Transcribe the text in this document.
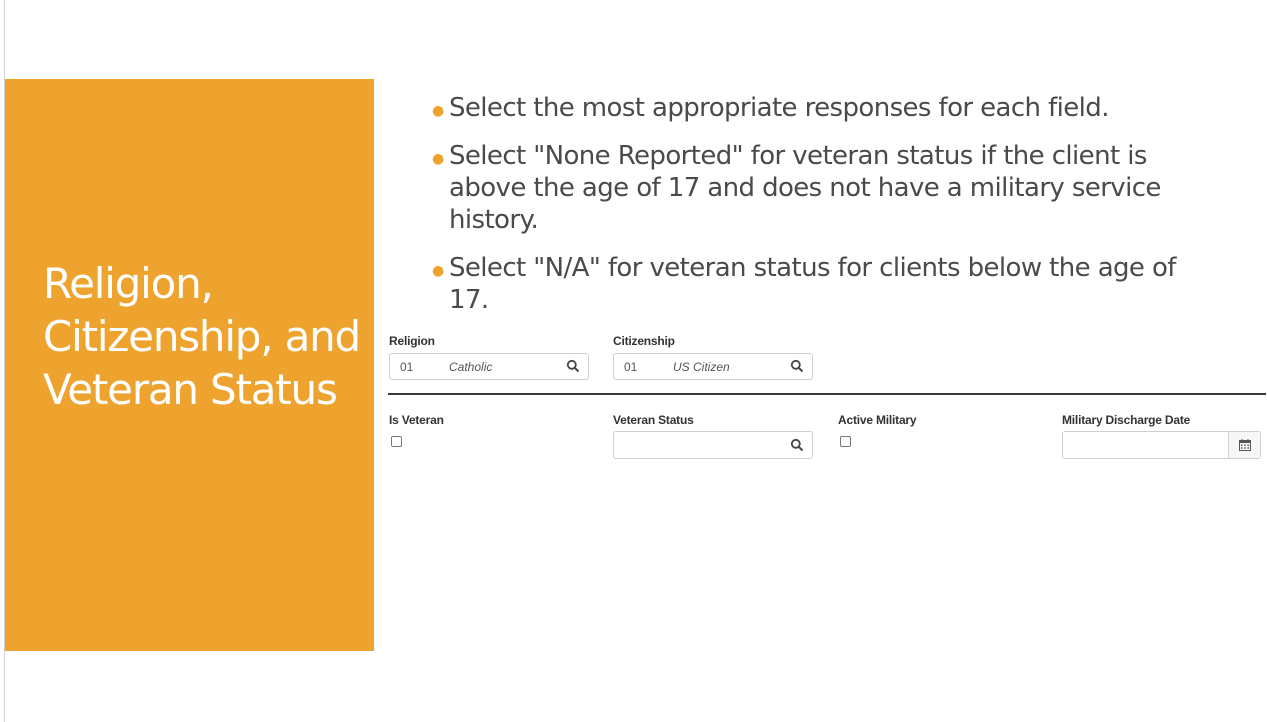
Religion, Citizenship, and Veteran Status
● Select the most appropriate responses for each field.
● Select "None Reported" for veteran status if the client is above the age of 17 and does not have a military service history.
● Select "N/A" for veteran status for clients below the age of 17.
Religion
01	Catholic
Citizenship
01	US Citizen
Is Veteran	Veteran Status	Active Military	Military Discharge Date
